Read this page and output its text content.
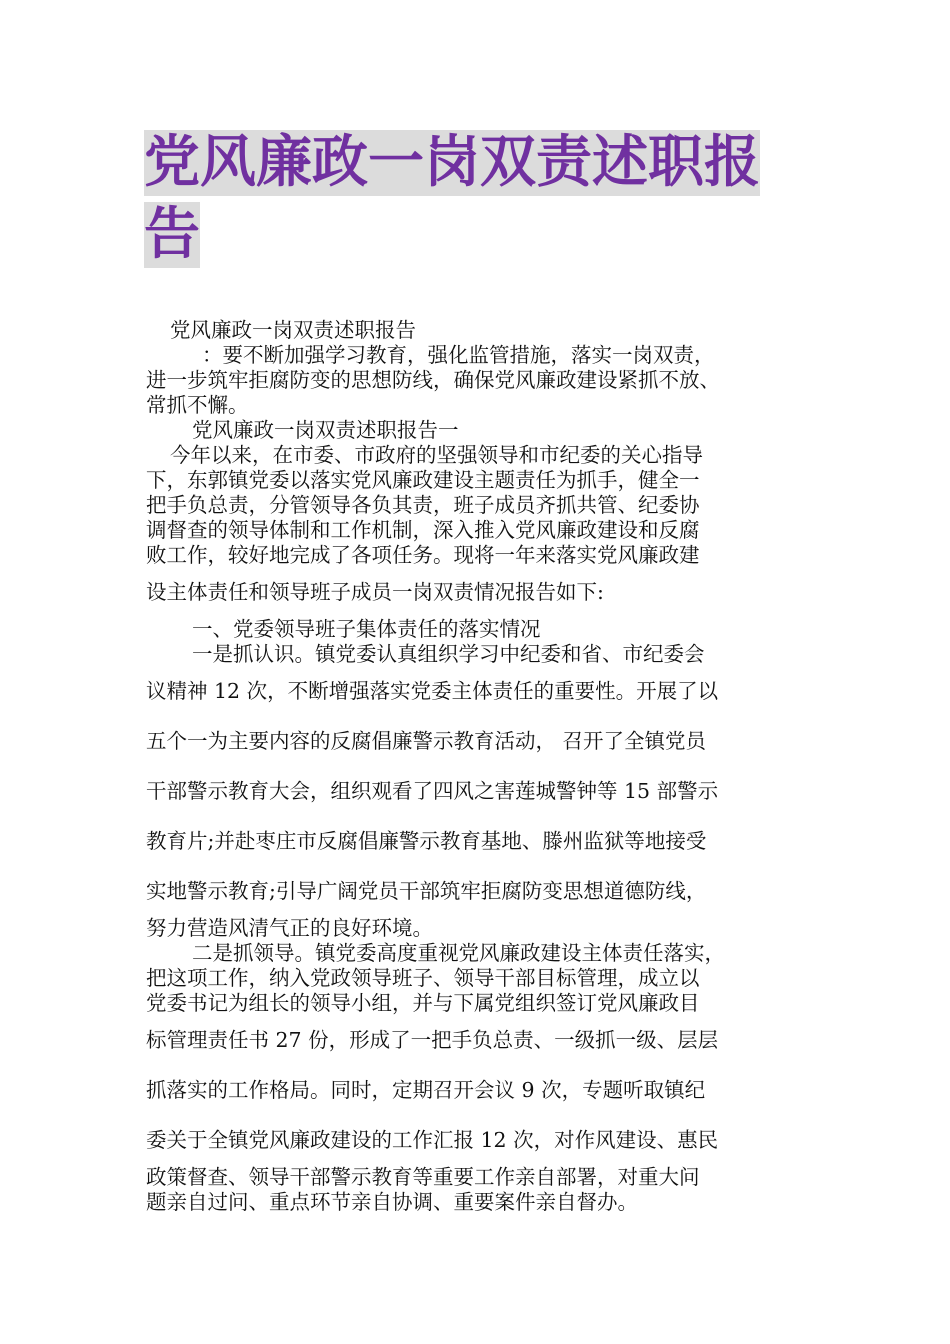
党风廉政一岗双责述职报
告

党风廉政一岗双责述职报告

：要不断加强学习教育，强化监管措施，落实一岗双责，
进一步筑牢拒腐防变的思想防线，确保党风廉政建设紧抓不放、
常抓不懈。

党风廉政一岗双责述职报告一

今年以来，在市委、市政府的坚强领导和市纪委的关心指导
下，东郭镇党委以落实党风廉政建设主题责任为抓手，健全一
把手负总责，分管领导各负其责，班子成员齐抓共管、纪委协
调督查的领导体制和工作机制，深入推入党风廉政建设和反腐
败工作，较好地完成了各项任务。现将一年来落实党风廉政建
设主体责任和领导班子成员一岗双责情况报告如下:

一、党委领导班子集体责任的落实情况

一是抓认识。镇党委认真组织学习中纪委和省、市纪委会
议精神 12 次，不断增强落实党委主体责任的重要性。开展了以
五个一为主要内容的反腐倡廉警示教育活动， 召开了全镇党员
干部警示教育大会，组织观看了四风之害莲城警钟等 15 部警示
教育片;并赴枣庄市反腐倡廉警示教育基地、滕州监狱等地接受
实地警示教育;引导广阔党员干部筑牢拒腐防变思想道德防线，
努力营造风清气正的良好环境。
二是抓领导。镇党委高度重视党风廉政建设主体责任落实，
把这项工作，纳入党政领导班子、领导干部目标管理，成立以
党委书记为组长的领导小组，并与下属党组织签订党风廉政目
标管理责任书 27 份，形成了一把手负总责、一级抓一级、层层
抓落实的工作格局。同时，定期召开会议 9 次，专题听取镇纪
委关于全镇党风廉政建设的工作汇报 12 次，对作风建设、惠民
政策督查、领导干部警示教育等重要工作亲自部署，对重大问
题亲自过问、重点环节亲自协调、重要案件亲自督办。
